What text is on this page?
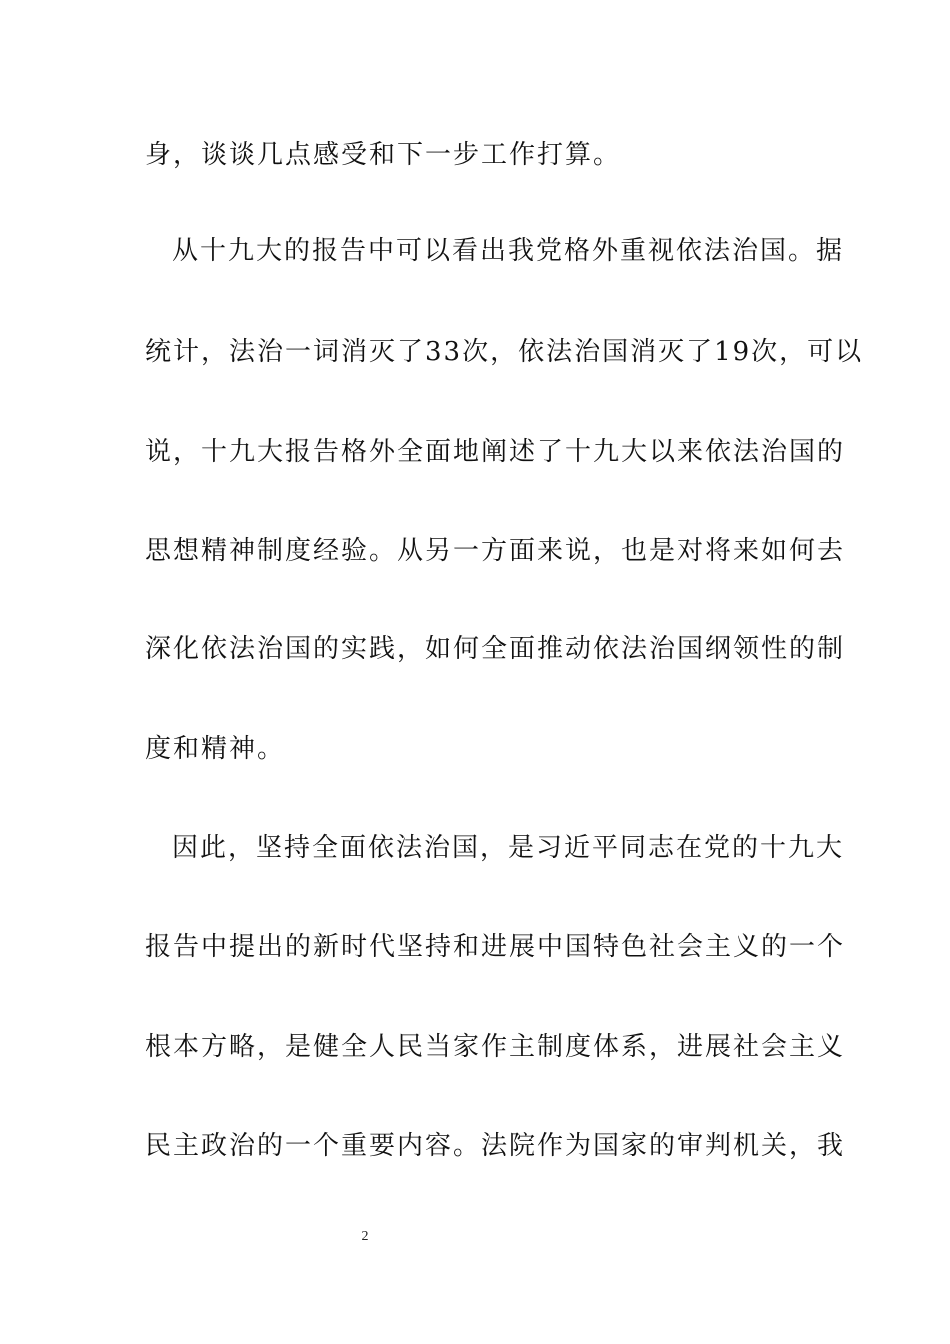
身，谈谈几点感受和下一步工作打算。
从十九大的报告中可以看出我党格外重视依法治国。据
统计，法治一词消灭了33次，依法治国消灭了19次，可以
说，十九大报告格外全面地阐述了十九大以来依法治国的
思想精神制度经验。从另一方面来说，也是对将来如何去
深化依法治国的实践，如何全面推动依法治国纲领性的制
度和精神。
因此，坚持全面依法治国，是习近平同志在党的十九大
报告中提出的新时代坚持和进展中国特色社会主义的一个
根本方略，是健全人民当家作主制度体系，进展社会主义
民主政治的一个重要内容。法院作为国家的审判机关，我
2
